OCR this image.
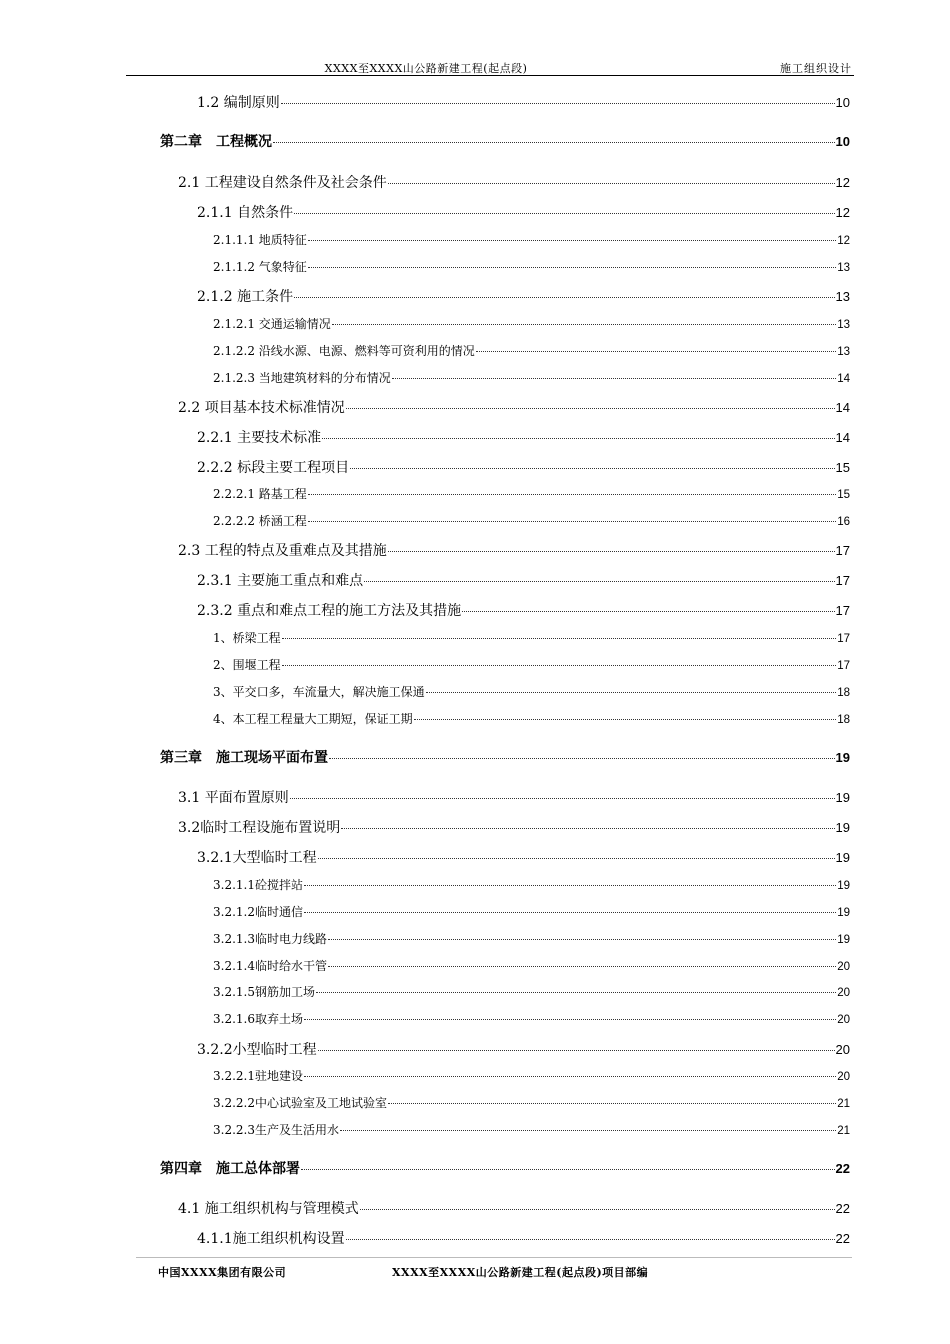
XXXX至XXXX山公路新建工程(起点段)	施工组织设计
1.2 编制原则	10
第二章　工程概况	10
2.1 工程建设自然条件及社会条件	12
2.1.1 自然条件	12
2.1.1.1 地质特征	12
2.1.1.2 气象特征	13
2.1.2 施工条件	13
2.1.2.1 交通运输情况	13
2.1.2.2 沿线水源、电源、燃料等可资利用的情况	13
2.1.2.3 当地建筑材料的分布情况	14
2.2 项目基本技术标准情况	14
2.2.1 主要技术标准	14
2.2.2 标段主要工程项目	15
2.2.2.1 路基工程	15
2.2.2.2 桥涵工程	16
2.3 工程的特点及重难点及其措施	17
2.3.1 主要施工重点和难点	17
2.3.2 重点和难点工程的施工方法及其措施	17
1、桥梁工程	17
2、围堰工程	17
3、平交口多，车流量大，解决施工保通	18
4、本工程工程量大工期短，保证工期	18
第三章　施工现场平面布置	19
3.1 平面布置原则	19
3.2临时工程设施布置说明	19
3.2.1大型临时工程	19
3.2.1.1砼搅拌站	19
3.2.1.2临时通信	19
3.2.1.3临时电力线路	19
3.2.1.4临时给水干管	20
3.2.1.5钢筋加工场	20
3.2.1.6取弃土场	20
3.2.2小型临时工程	20
3.2.2.1驻地建设	20
3.2.2.2中心试验室及工地试验室	21
3.2.2.3生产及生活用水	21
第四章　施工总体部署	22
4.1 施工组织机构与管理模式	22
4.1.1施工组织机构设置	22
中国XXXX集团有限公司	XXXX至XXXX山公路新建工程(起点段)项目部编
